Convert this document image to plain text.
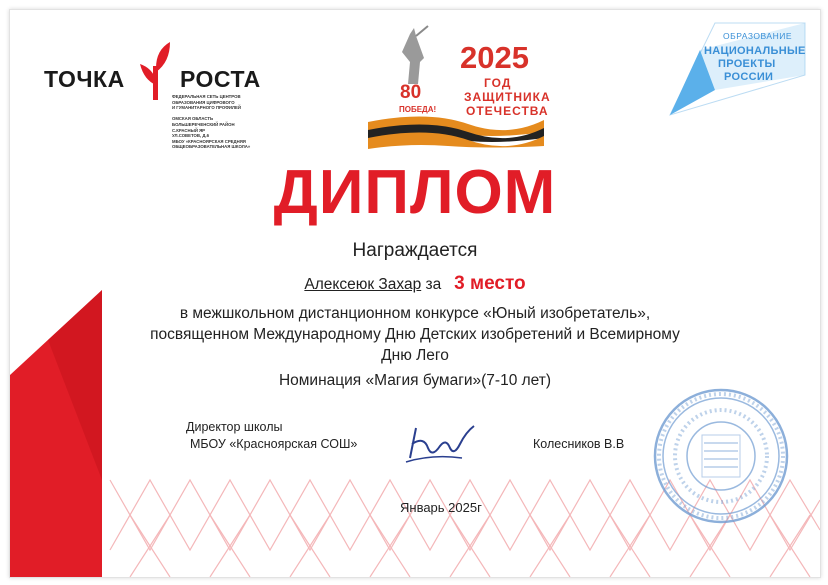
ТОЧКА РОСТА
ФЕДЕРАЛЬНАЯ СЕТЬ ЦЕНТРОВ
ОБРАЗОВАНИЯ ЦИФРОВОГО
И ГУМАНИТАРНОГО ПРОФИЛЕЙ

ОМСКАЯ ОБЛАСТЬ
БОЛЬШЕРЕЧЕНСКИЙ РАЙОН
С.КРАСНЫЙ ЯР
УЛ.СОВЕТОВ, Д.6
МБОУ «КРАСНОЯРСКАЯ СРЕДНЯЯ
ОБЩЕОБРАЗОВАТЕЛЬНАЯ ШКОЛА»
2025
ГОД
ЗАЩИТНИКА
ОТЕЧЕСТВА
80
ПОБЕДА!
ОБРАЗОВАНИЕ
НАЦИОНАЛЬНЫЕ
ПРОЕКТЫ
РОССИИ
ДИПЛОМ
Награждается
Алексеюк Захар за 3 место
в межшкольном дистанционном конкурсе «Юный изобретатель»,
посвященном Международному Дню Детских изобретений и Всемирному
Дню Лего
Номинация «Магия бумаги»(7-10 лет)
Директор школы
МБОУ «Красноярская СОШ»	Колесников В.В
Январь 2025г
